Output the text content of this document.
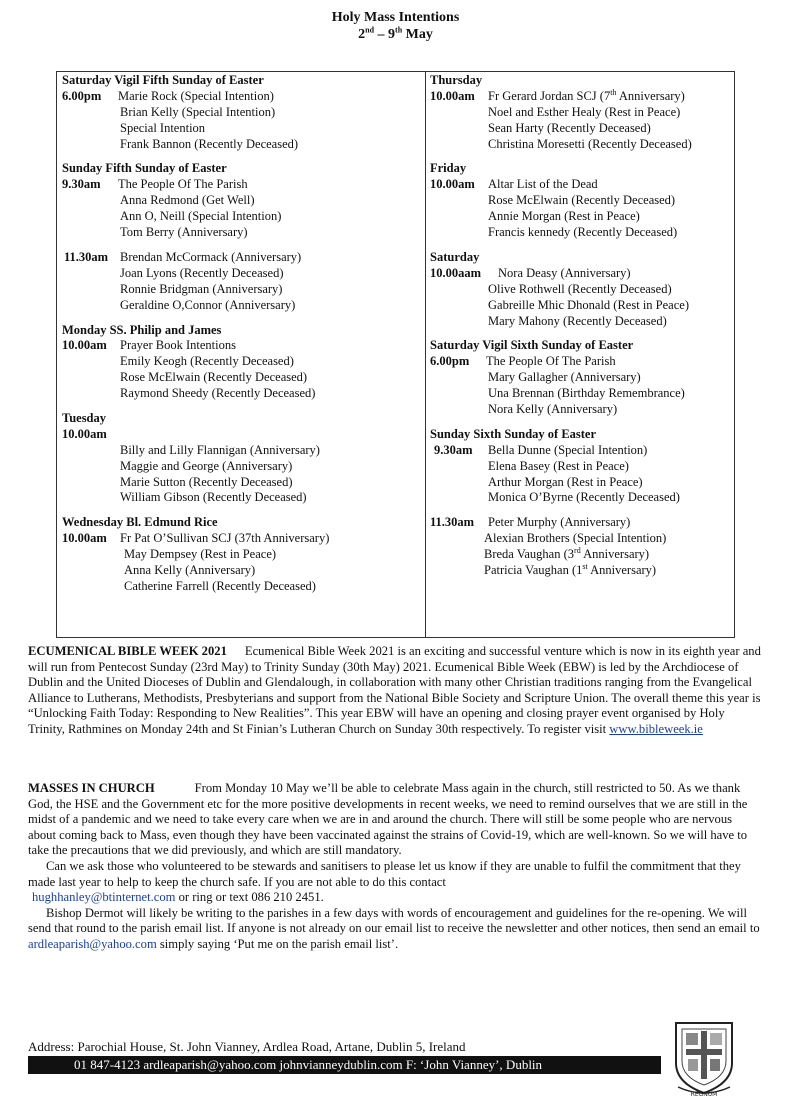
Holy Mass Intentions
2nd – 9th May
Saturday Vigil Fifth Sunday of Easter
6.00pm Marie Rock (Special Intention)
Brian Kelly (Special Intention)
Special Intention
Frank Bannon (Recently Deceased)
Sunday Fifth Sunday of Easter
9.30am The People Of The Parish
Anna Redmond (Get Well)
Ann O, Neill (Special Intention)
Tom Berry (Anniversary)
11.30am Brendan McCormack (Anniversary)
Joan Lyons (Recently Deceased)
Ronnie Bridgman (Anniversary)
Geraldine O,Connor (Anniversary)
Monday SS. Philip and James
10.00am Prayer Book Intentions
Emily Keogh (Recently Deceased)
Rose McElwain (Recently Deceased)
Raymond Sheedy (Recently Deceased)
Tuesday
10.00am
Billy and Lilly Flannigan (Anniversary)
Maggie and George (Anniversary)
Marie Sutton (Recently Deceased)
William Gibson (Recently Deceased)
Wednesday Bl. Edmund Rice
10.00am Fr Pat O’Sullivan SCJ (37th Anniversary)
May Dempsey (Rest in Peace)
Anna Kelly (Anniversary)
Catherine Farrell (Recently Deceased)
Thursday
10.00am Fr Gerard Jordan SCJ (7th Anniversary)
Noel and Esther Healy (Rest in Peace)
Sean Harty (Recently Deceased)
Christina Moresetti (Recently Deceased)
Friday
10.00am Altar List of the Dead
Rose McElwain (Recently Deceased)
Annie Morgan (Rest in Peace)
Francis kennedy (Recently Deceased)
Saturday
10.00aam Nora Deasy (Anniversary)
Olive Rothwell (Recently Deceased)
Gabreille Mhic Dhonald (Rest in Peace)
Mary Mahony (Recently Deceased)
Saturday Vigil Sixth Sunday of Easter
6.00pm The People Of The Parish
Mary Gallagher (Anniversary)
Una Brennan (Birthday Remembrance)
Nora Kelly (Anniversary)
Sunday Sixth Sunday of Easter
9.30am Bella Dunne (Special Intention)
Elena Basey (Rest in Peace)
Arthur Morgan (Rest in Peace)
Monica O’Byrne (Recently Deceased)
11.30am Peter Murphy (Anniversary)
Alexian Brothers (Special Intention)
Breda Vaughan (3rd Anniversary)
Patricia Vaughan (1st Anniversary)

ECUMENICAL BIBLE WEEK 2021 Ecumenical Bible Week 2021 is an exciting and successful venture which is now in its eighth year and will run from Pentecost Sunday (23rd May) to Trinity Sunday (30th May) 2021. Ecumenical Bible Week (EBW) is led by the Archdiocese of Dublin and the United Dioceses of Dublin and Glendalough, in collaboration with many other Christian traditions ranging from the Evangelical Alliance to Lutherans, Methodists, Presbyterians and support from the National Bible Society and Scripture Union. The overall theme this year is “Unlocking Faith Today: Responding to New Realities”. This year EBW will have an opening and closing prayer event organised by Holy Trinity, Rathmines on Monday 24th and St Finian’s Lutheran Church on Sunday 30th respectively. To register visit www.bibleweek.ie

MASSES IN CHURCH	From Monday 10 May we’ll be able to celebrate Mass again in the church, still restricted to 50. As we thank God, the HSE and the Government etc for the more positive developments in recent weeks, we need to remind ourselves that we are still in the midst of a pandemic and we need to take every care when we are in and around the church. There will still be some people who are nervous about coming back to Mass, even though they have been vaccinated against the strains of Covid-19, which are well-known. So we will have to take the precautions that we did previously, and which are still mandatory.

Can we ask those who volunteered to be stewards and sanitisers to please let us know if they are unable to fulfil the commitment that they made last year to help to keep the church safe. If you are not able to do this contact
hughhanley@btinternet.com or ring or text 086 210 2451.

Bishop Dermot will likely be writing to the parishes in a few days with words of encouragement and guidelines for the re-opening. We will send that round to the parish email list. If anyone is not already on our email list to receive the newsletter and other notices, then send an email to ardleaparish@yahoo.com simply saying ‘Put me on the parish email list’.

Address: Parochial House, St. John Vianney, Ardlea Road, Artane, Dublin 5, Ireland
01 847-4123 ardleaparish@yahoo.com johnvianneydublin.com F: ‘John Vianney’, Dublin
REGNUM
